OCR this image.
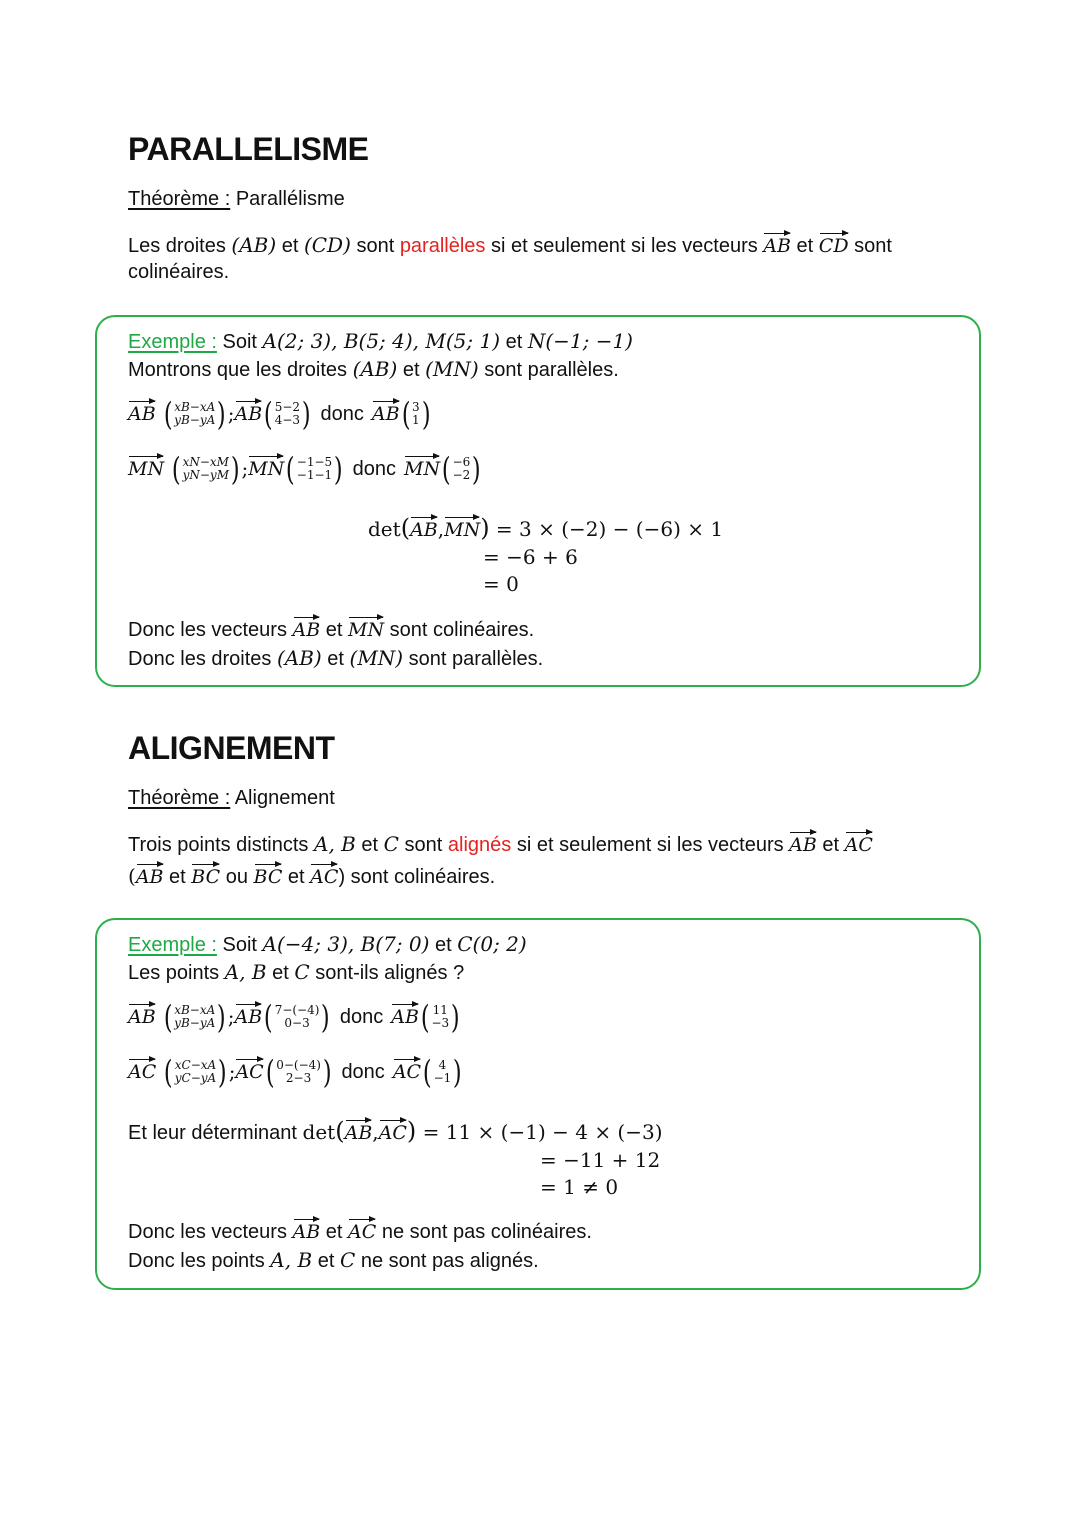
PARALLELISME
Théorème : Parallélisme
Les droites (AB) et (CD) sont parallèles si et seulement si les vecteurs AB et CD sont
colinéaires.
Exemple : Soit A(2; 3), B(5; 4), M(5; 1) et N(−1; −1)
Montrons que les droites (AB) et (MN) sont parallèles.
AB ( xB−xA
yB−yA ) ; AB ( 5−2
4−3 ) donc AB ( 3
1 )
MN ( xN−xM
yN−yM ) ; MN ( −1−5
−1−1 ) donc MN ( −6
−2 )
det(AB,MN) = 3 × (−2) − (−6) × 1
= −6 + 6
= 0
Donc les vecteurs AB et MN sont colinéaires.
Donc les droites (AB) et (MN) sont parallèles.
ALIGNEMENT
Théorème : Alignement
Trois points distincts A, B et C sont alignés si et seulement si les vecteurs AB et AC
(AB et BC ou BC et AC) sont colinéaires.
Exemple : Soit A(−4; 3), B(7; 0) et C(0; 2)
Les points A, B et C sont-ils alignés ?
AB ( xB−xA
yB−yA ) ; AB ( 7−(−4)
0−3 ) donc AB ( 11
−3 )
AC ( xC−xA
yC−yA ) ; AC ( 0−(−4)
2−3 ) donc AC ( 4
−1 )
Et leur déterminant det(AB,AC) = 11 × (−1) − 4 × (−3)
= −11 + 12
= 1 ≠ 0
Donc les vecteurs AB et AC ne sont pas colinéaires.
Donc les points A, B et C ne sont pas alignés.
